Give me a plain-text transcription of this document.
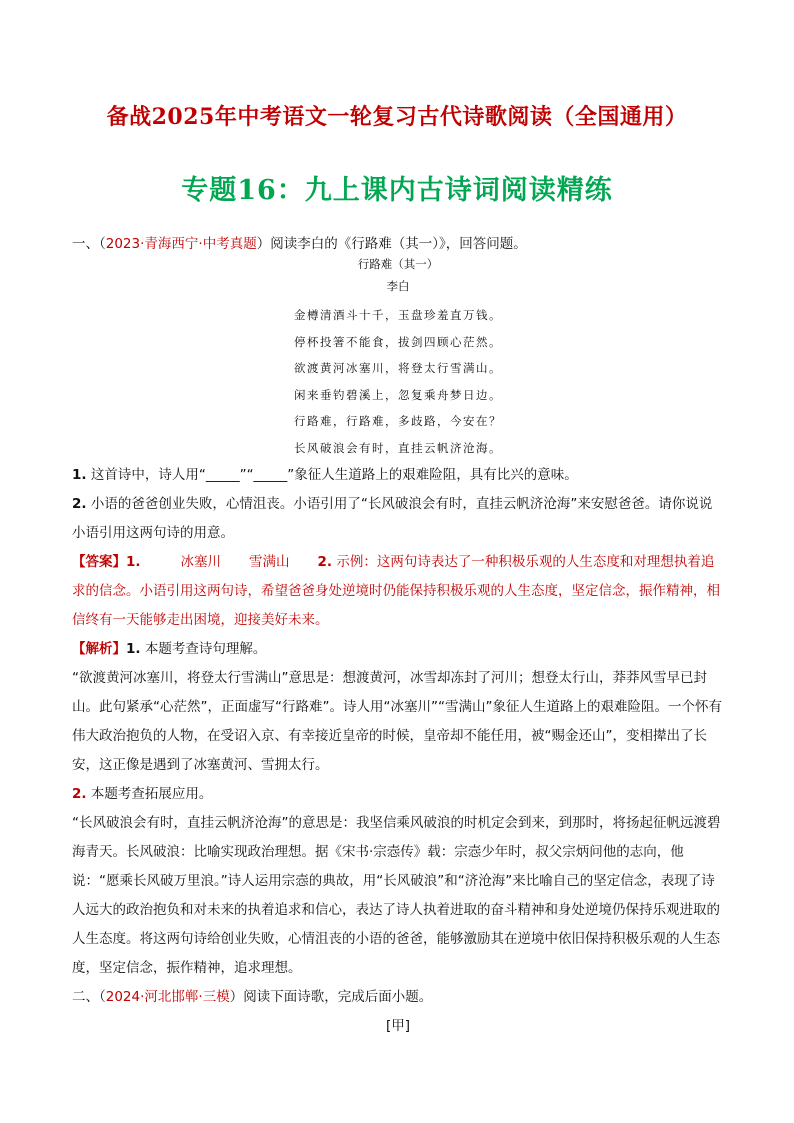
备战2025年中考语文一轮复习古代诗歌阅读（全国通用）
专题16：九上课内古诗词阅读精练

一、（2023·青海西宁·中考真题）阅读李白的《行路难（其一）》，回答问题。

行路难（其一）

李白

金樽清酒斗十千，玉盘珍羞直万钱。

停杯投箸不能食，拔剑四顾心茫然。

欲渡黄河冰塞川，将登太行雪满山。

闲来垂钓碧溪上，忽复乘舟梦日边。

行路难，行路难，多歧路，今安在？

长风破浪会有时，直挂云帆济沧海。

1. 这首诗中，诗人用“_____”“_____”象征人生道路上的艰难险阻，具有比兴的意味。

2. 小语的爸爸创业失败，心情沮丧。小语引用了“长风破浪会有时，直挂云帆济沧海”来安慰爸爸。请你说说小语引用这两句诗的用意。

【答案】1.	冰塞川 雪满山 2. 示例：这两句诗表达了一种积极乐观的人生态度和对理想执着追求的信念。小语引用这两句诗，希望爸爸身处逆境时仍能保持积极乐观的人生态度，坚定信念，振作精神，相信终有一天能够走出困境，迎接美好未来。

【解析】1. 本题考查诗句理解。

“欲渡黄河冰塞川，将登太行雪满山”意思是：想渡黄河，冰雪却冻封了河川；想登太行山，莽莽风雪早已封山。此句紧承“心茫然”，正面虚写“行路难”。诗人用“冰塞川”“雪满山”象征人生道路上的艰难险阻。一个怀有伟大政治抱负的人物，在受诏入京、有幸接近皇帝的时候，皇帝却不能任用，被“赐金还山”，变相撵出了长安，这正像是遇到了冰塞黄河、雪拥太行。

2. 本题考查拓展应用。

“长风破浪会有时，直挂云帆济沧海”的意思是：我坚信乘风破浪的时机定会到来，到那时，将扬起征帆远渡碧海青天。长风破浪：比喻实现政治理想。据《宋书·宗悫传》载：宗悫少年时，叔父宗炳问他的志向，他说：“愿乘长风破万里浪。”诗人运用宗悫的典故，用“长风破浪”和“济沧海”来比喻自己的坚定信念，表现了诗人远大的政治抱负和对未来的执着追求和信心，表达了诗人执着进取的奋斗精神和身处逆境仍保持乐观进取的人生态度。将这两句诗给创业失败，心情沮丧的小语的爸爸，能够激励其在逆境中依旧保持积极乐观的人生态度，坚定信念，振作精神，追求理想。

二、（2024·河北邯郸·三模）阅读下面诗歌，完成后面小题。

[甲]
